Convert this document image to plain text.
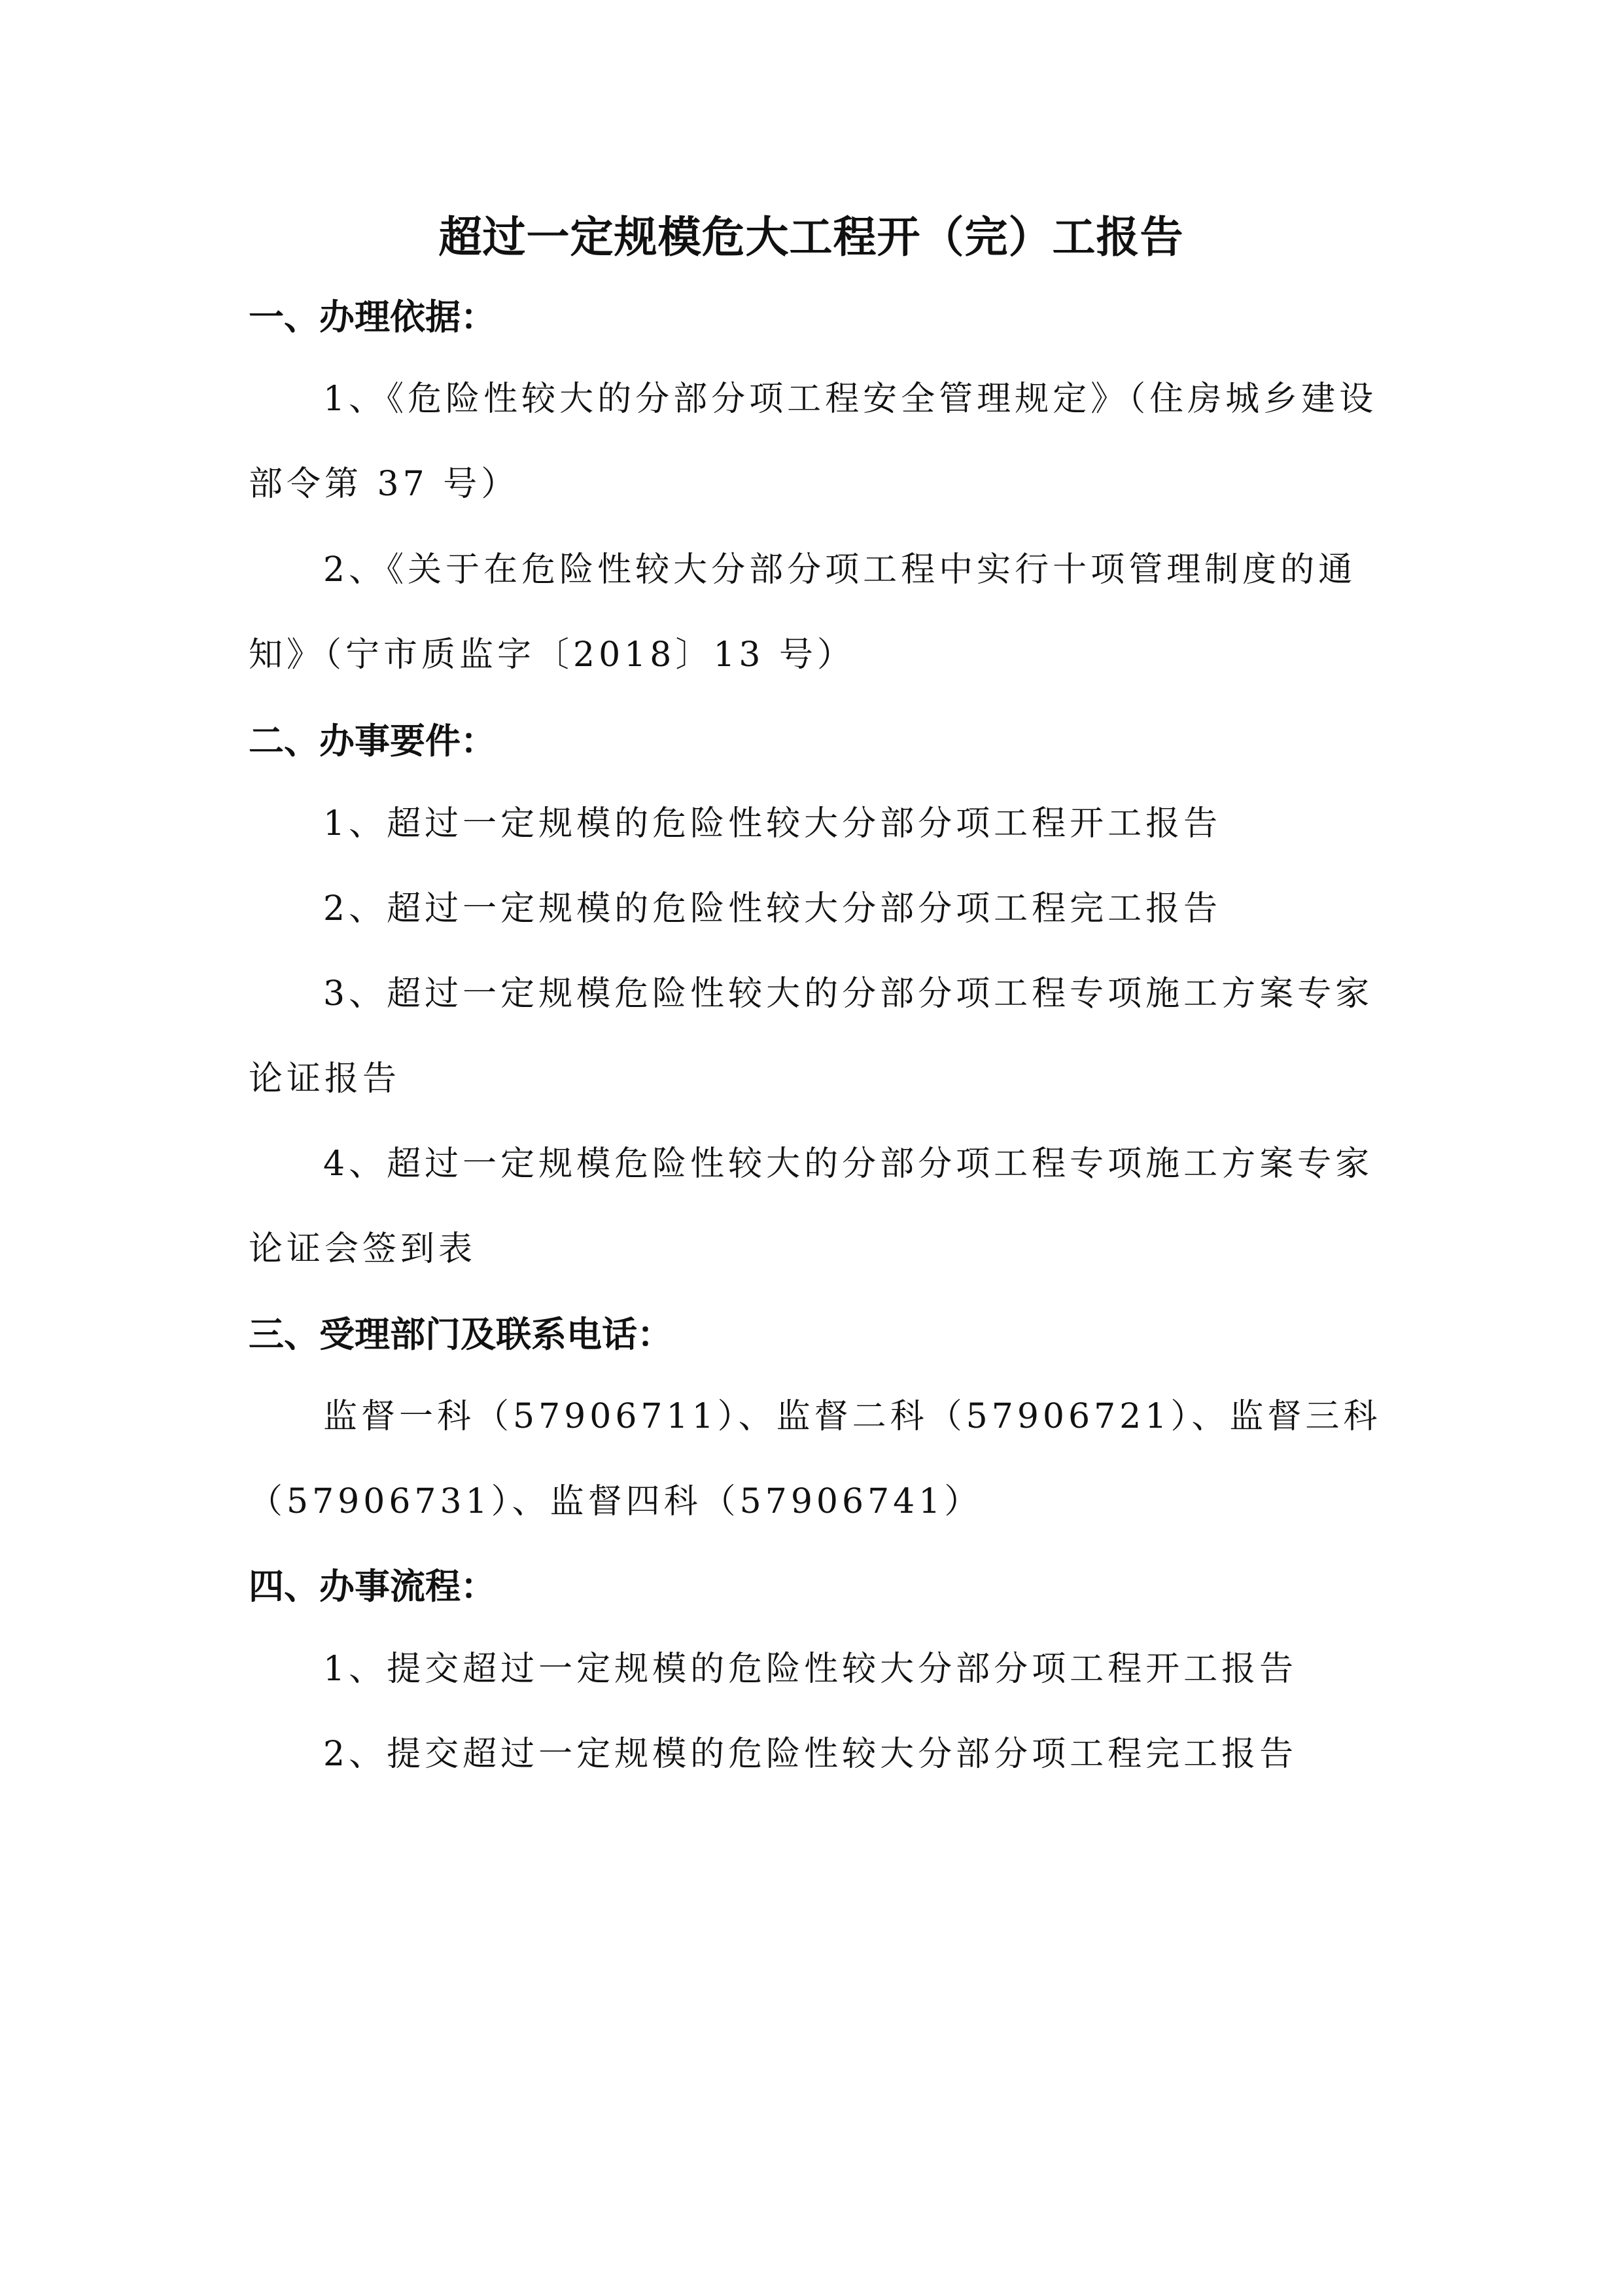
超过一定规模危大工程开（完）工报告
一、办理依据：

1、《危险性较大的分部分项工程安全管理规定》（住房城乡建设部令第 37 号）

2、《关于在危险性较大分部分项工程中实行十项管理制度的通知》（宁市质监字〔2018〕13 号）

二、办事要件：

1、超过一定规模的危险性较大分部分项工程开工报告

2、超过一定规模的危险性较大分部分项工程完工报告

3、超过一定规模危险性较大的分部分项工程专项施工方案专家论证报告

4、超过一定规模危险性较大的分部分项工程专项施工方案专家论证会签到表

三、受理部门及联系电话：

监督一科（57906711）、监督二科（57906721）、监督三科（57906731）、监督四科（57906741）

四、办事流程：

1、提交超过一定规模的危险性较大分部分项工程开工报告

2、提交超过一定规模的危险性较大分部分项工程完工报告
